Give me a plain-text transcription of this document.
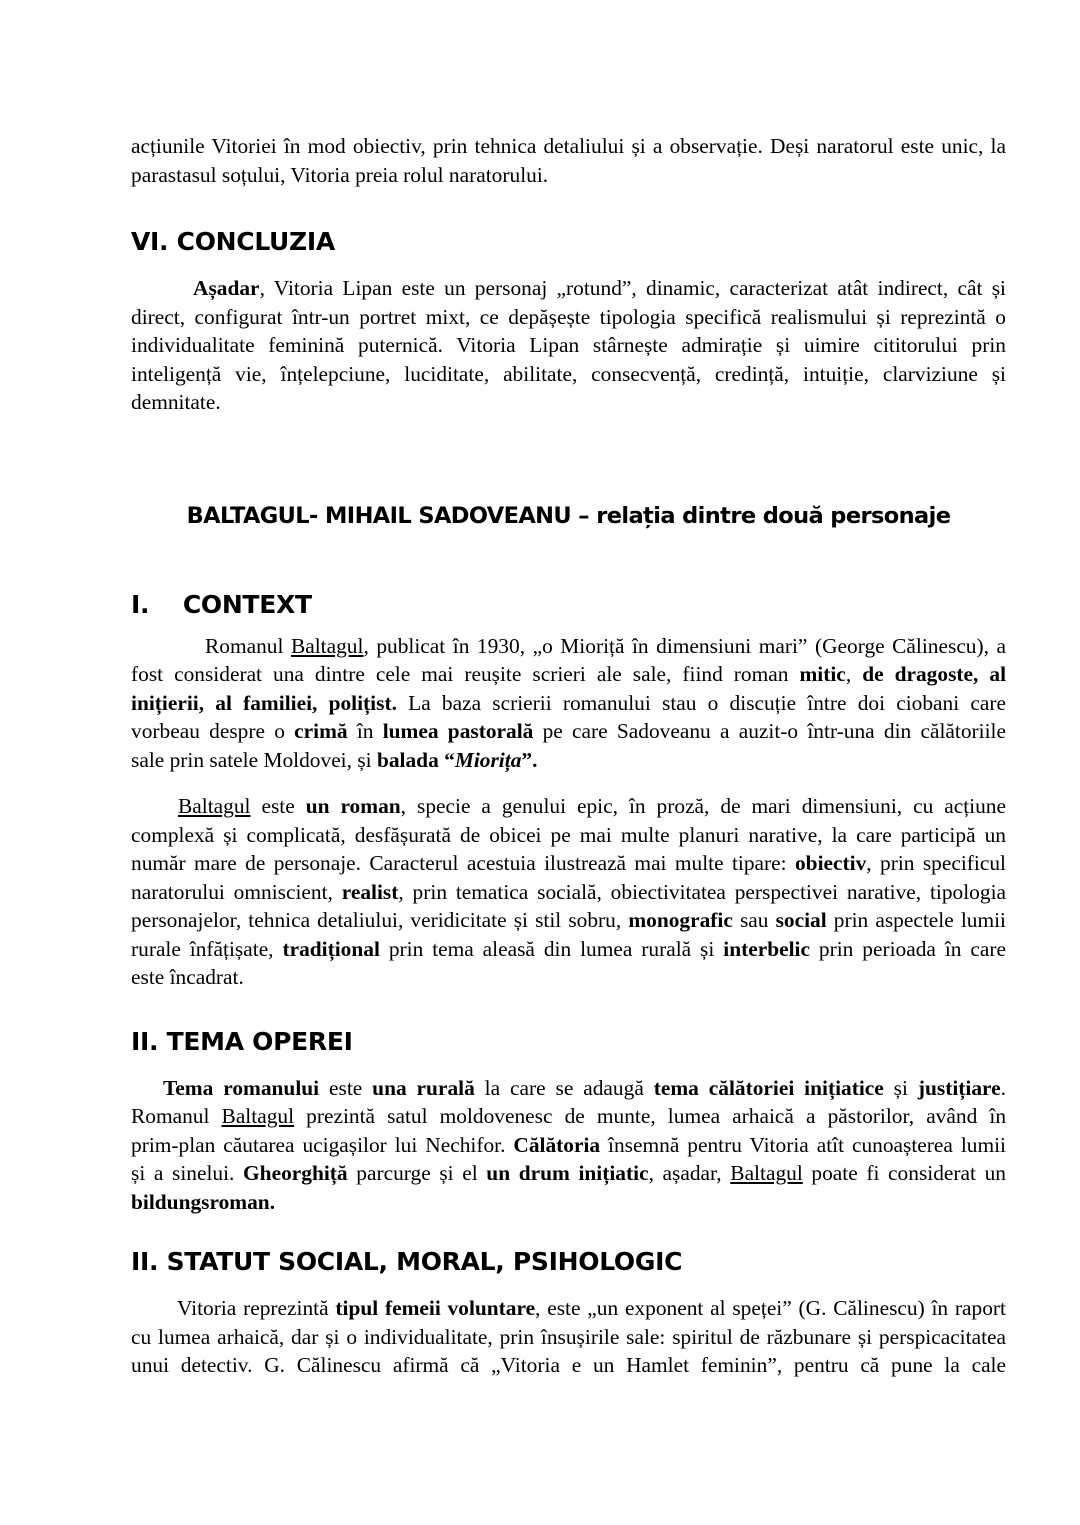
acțiunile Vitoriei în mod obiectiv, prin tehnica detaliului și a observație. Deși naratorul este unic, la
parastasul soțului, Vitoria preia rolul naratorului.
VI. CONCLUZIA
Așadar, Vitoria Lipan este un personaj „rotund”, dinamic, caracterizat atât indirect, cât și
direct, configurat într-un portret mixt, ce depășește tipologia specifică realismului și reprezintă o
individualitate feminină puternică. Vitoria Lipan stârnește admirație și uimire cititorului prin
inteligență vie, înțelepciune, luciditate, abilitate, consecvență, credință, intuiție, clarviziune și
demnitate.
BALTAGUL- MIHAIL SADOVEANU – relația dintre două personaje
I.    CONTEXT
Romanul Baltagul, publicat în 1930, „o Mioriță în dimensiuni mari” (George Călinescu), a
fost considerat una dintre cele mai reușite scrieri ale sale, fiind roman mitic, de dragoste, al
inițierii, al familiei, polițist. La baza scrierii romanului stau o discuție între doi ciobani care
vorbeau despre o crimă în lumea pastorală pe care Sadoveanu a auzit-o într-una din călătoriile
sale prin satele Moldovei, și balada “Miorița”.
Baltagul este un roman, specie a genului epic, în proză, de mari dimensiuni, cu acțiune
complexă și complicată, desfășurată de obicei pe mai multe planuri narative, la care participă un
număr mare de personaje. Caracterul acestuia ilustrează mai multe tipare: obiectiv, prin specificul
naratorului omniscient, realist, prin tematica socială, obiectivitatea perspectivei narative, tipologia
personajelor, tehnica detaliului, veridicitate și stil sobru, monografic sau social prin aspectele lumii
rurale înfățișate, tradițional prin tema aleasă din lumea rurală și interbelic prin perioada în care
este încadrat.
II. TEMA OPEREI
Tema romanului este una rurală la care se adaugă tema călătoriei inițiatice și justițiare.
Romanul Baltagul prezintă satul moldovenesc de munte, lumea arhaică a păstorilor, având în
prim-plan căutarea ucigașilor lui Nechifor. Călătoria însemnă pentru Vitoria atît cunoașterea lumii
și a sinelui. Gheorghiță parcurge și el un drum inițiatic, așadar, Baltagul poate fi considerat un
bildungsroman.
II. STATUT SOCIAL, MORAL, PSIHOLOGIC
Vitoria reprezintă tipul femeii voluntare, este „un exponent al speței” (G. Călinescu) în raport
cu lumea arhaică, dar și o individualitate, prin însușirile sale: spiritul de răzbunare și perspicacitatea
unui detectiv. G. Călinescu afirmă că „Vitoria e un Hamlet feminin”, pentru că pune la cale
